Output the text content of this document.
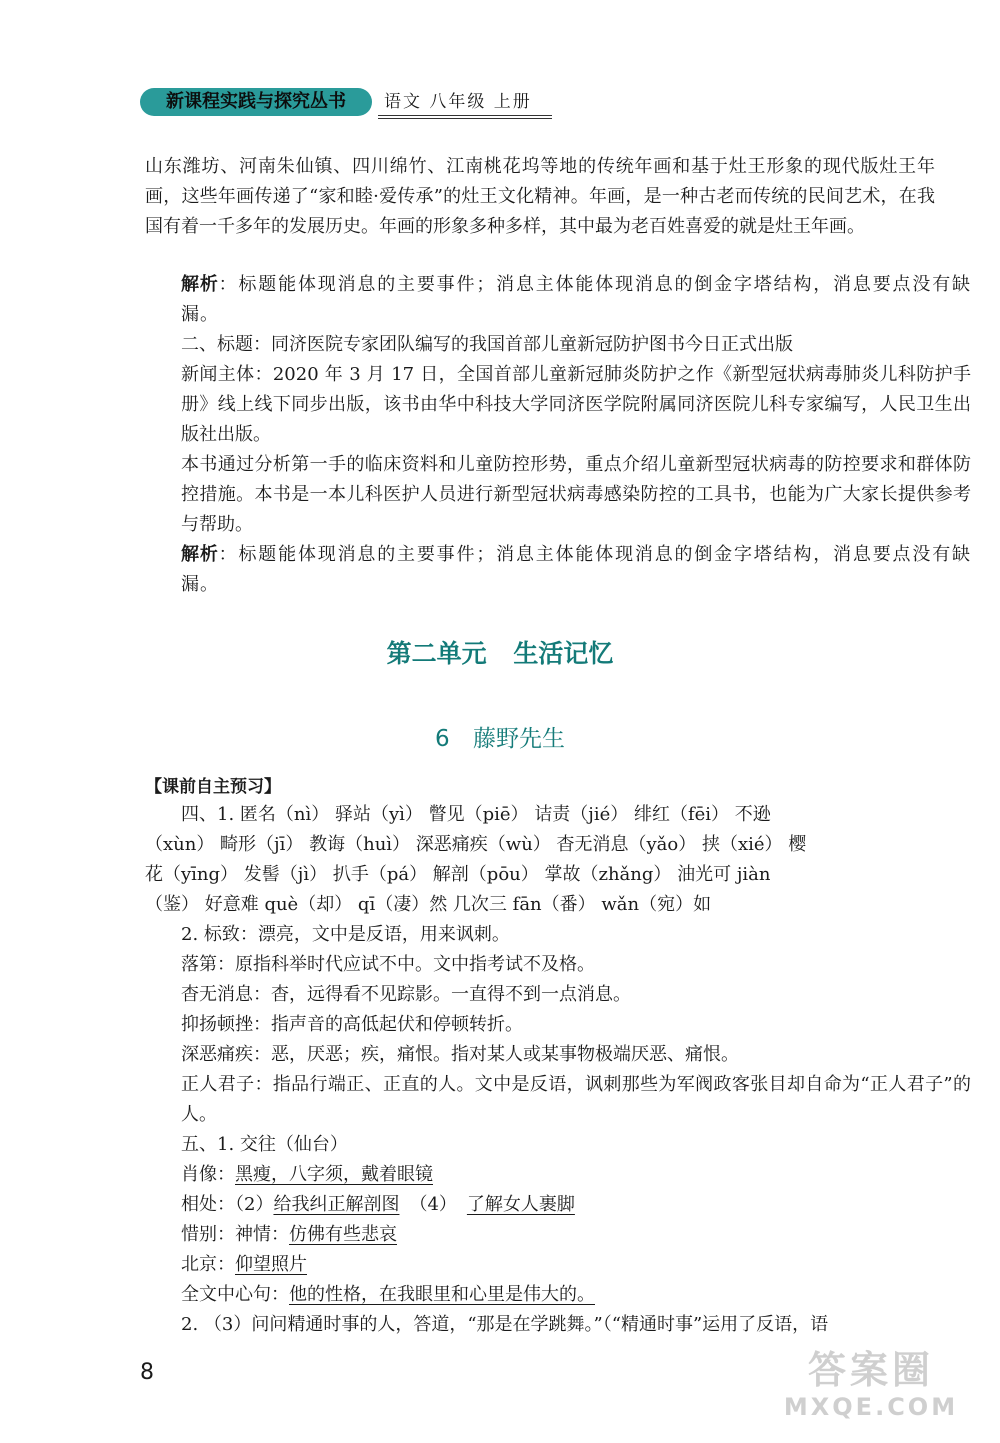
新课程实践与探究丛书	语文 八年级 上册
山东潍坊、河南朱仙镇、四川绵竹、江南桃花坞等地的传统年画和基于灶王形象的现代版灶王年画，这些年画传递了“家和睦·爱传承”的灶王文化精神。年画，是一种古老而传统的民间艺术，在我国有着一千多年的发展历史。年画的形象多种多样，其中最为老百姓喜爱的就是灶王年画。
解析：标题能体现消息的主要事件；消息主体能体现消息的倒金字塔结构，消息要点没有缺漏。
二、标题：同济医院专家团队编写的我国首部儿童新冠防护图书今日正式出版
新闻主体：2020 年 3 月 17 日，全国首部儿童新冠肺炎防护之作《新型冠状病毒肺炎儿科防护手册》线上线下同步出版，该书由华中科技大学同济医学院附属同济医院儿科专家编写，人民卫生出版社出版。
本书通过分析第一手的临床资料和儿童防控形势，重点介绍儿童新型冠状病毒的防控要求和群体防控措施。本书是一本儿科医护人员进行新型冠状病毒感染防控的工具书，也能为广大家长提供参考与帮助。
解析：标题能体现消息的主要事件；消息主体能体现消息的倒金字塔结构，消息要点没有缺漏。
第二单元 生活记忆
6 藤野先生
【课前自主预习】
四、1. 匿名（nì） 驿站（yì） 瞥见（piē） 诘责（jié） 绯红（fēi） 不逊
（xùn） 畸形（jī） 教诲（huì） 深恶痛疾（wù） 杳无消息（yǎo） 挟（xié） 樱
花（yīng） 发髻（jì） 扒手（pá） 解剖（pōu） 掌故（zhǎng） 油光可 jiàn
（鉴） 好意难 què（却） qī（凄）然 几次三 fān（番） wǎn（宛）如
2. 标致：漂亮，文中是反语，用来讽刺。
落第：原指科举时代应试不中。文中指考试不及格。
杳无消息：杳，远得看不见踪影。一直得不到一点消息。
抑扬顿挫：指声音的高低起伏和停顿转折。
深恶痛疾：恶，厌恶；疾，痛恨。指对某人或某事物极端厌恶、痛恨。
正人君子：指品行端正、正直的人。文中是反语，讽刺那些为军阀政客张目却自命为“正人君子”的人。
五、1. 交往（仙台）
肖像：黑瘦，八字须，戴着眼镜
相处：（2）给我纠正解剖图 （4） 了解女人裹脚
惜别：神情：仿佛有些悲哀
北京：仰望照片
全文中心句：他的性格，在我眼里和心里是伟大的。
2. （3）问问精通时事的人，答道，“那是在学跳舞。”（“精通时事”运用了反语，语
8	答案圈
MXQE.COM
